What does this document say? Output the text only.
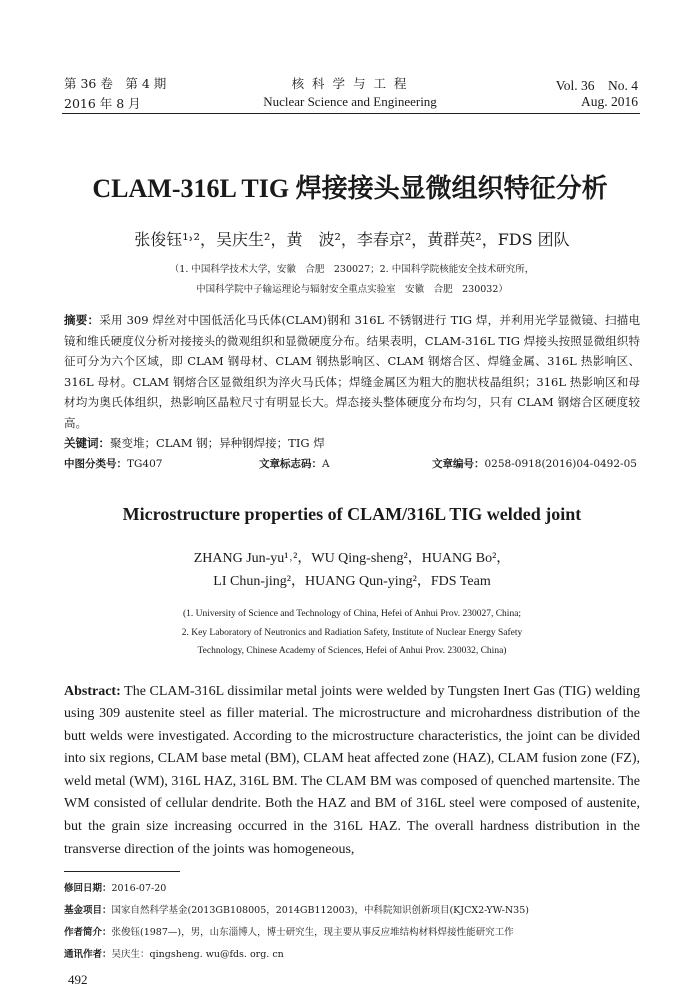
第 36 卷　第 4 期
2016 年 8 月
核 科 学 与 工 程
Nuclear Science and Engineering
Vol. 36　No. 4
Aug. 2016
CLAM-316L TIG 焊接接头显微组织特征分析
张俊钰¹˒²，吴庆生²，黄　波²，李春京²，黄群英²，FDS 团队
（1. 中国科学技术大学，安徽　合肥　230027；2. 中国科学院核能安全技术研究所，
中国科学院中子输运理论与辐射安全重点实验室　安徽　合肥　230032）
摘要：采用 309 焊丝对中国低活化马氏体(CLAM)钢和 316L 不锈钢进行 TIG 焊，并利用光学显微镜、扫描电镜和维氏硬度仪分析对接接头的微观组织和显微硬度分布。结果表明，CLAM-316L TIG 焊接头按照显微组织特征可分为六个区域，即 CLAM 钢母材、CLAM 钢热影响区、CLAM 钢熔合区、焊缝金属、316L 热影响区、316L 母材。CLAM 钢熔合区显微组织为淬火马氏体；焊缝金属区为粗大的胞状枝晶组织；316L 热影响区和母材均为奥氏体组织，热影响区晶粒尺寸有明显长大。焊态接头整体硬度分布均匀，只有 CLAM 钢熔合区硬度较高。
关键词：聚变堆；CLAM 钢；异种钢焊接；TIG 焊
中图分类号：TG407	文章标志码：A	文章编号：0258-0918(2016)04-0492-05
Microstructure properties of CLAM/316L TIG welded joint
ZHANG Jun-yu¹˒²，WU Qing-sheng²，HUANG Bo²，
LI Chun-jing²，HUANG Qun-ying²，FDS Team
(1. University of Science and Technology of China, Hefei of Anhui Prov. 230027, China;
2. Key Laboratory of Neutronics and Radiation Safety, Institute of Nuclear Energy Safety
Technology, Chinese Academy of Sciences, Hefei of Anhui Prov. 230032, China)
Abstract: The CLAM-316L dissimilar metal joints were welded by Tungsten Inert Gas (TIG) welding using 309 austenite steel as filler material. The microstructure and microhardness distribution of the butt welds were investigated. According to the microstructure characteristics, the joint can be divided into six regions, CLAM base metal (BM), CLAM heat affected zone (HAZ), CLAM fusion zone (FZ), weld metal (WM), 316L HAZ, 316L BM. The CLAM BM was composed of quenched martensite. The WM consisted of cellular dendrite. Both the HAZ and BM of 316L steel were composed of austenite, but the grain size increasing occurred in the 316L HAZ. The overall hardness distribution in the transverse direction of the joints was homogeneous,
修回日期：2016-07-20
基金项目：国家自然科学基金(2013GB108005，2014GB112003)，中科院知识创新项目(KJCX2-YW-N35)
作者简介：张俊钰(1987—)，男，山东淄博人，博士研究生，现主要从事反应堆结构材料焊接性能研究工作
通讯作者：吴庆生：qingsheng. wu@fds. org. cn
492
